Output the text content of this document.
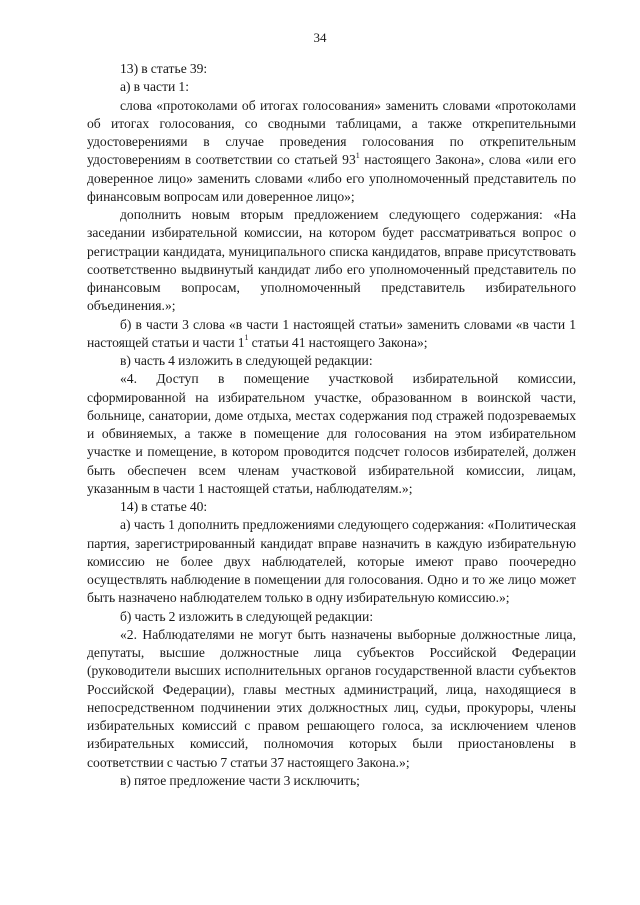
34

13) в статье 39:

а) в части 1:

слова «протоколами об итогах голосования» заменить словами «протоколами об итогах голосования, со сводными таблицами, а также открепительными удостоверениями в случае проведения голосования по открепительным удостоверениям в соответствии со статьей $93^1$ настоящего Закона», слова «или его доверенное лицо» заменить словами «либо его уполномоченный представитель по финансовым вопросам или доверенное лицо»;

дополнить новым вторым предложением следующего содержания: «На заседании избирательной комиссии, на котором будет рассматриваться вопрос о регистрации кандидата, муниципального списка кандидатов, вправе присутствовать соответственно выдвинутый кандидат либо его уполномоченный представитель по финансовым вопросам, уполномоченный представитель избирательного объединения.»;

б) в части 3 слова «в части 1 настоящей статьи» заменить словами «в части 1 настоящей статьи и части $1^1$ статьи 41 настоящего Закона»;

в) часть 4 изложить в следующей редакции:

«4. Доступ в помещение участковой избирательной комиссии, сформированной на избирательном участке, образованном в воинской части, больнице, санатории, доме отдыха, местах содержания под стражей подозреваемых и обвиняемых, а также в помещение для голосования на этом избирательном участке и помещение, в котором проводится подсчет голосов избирателей, должен быть обеспечен всем членам участковой избирательной комиссии, лицам, указанным в части 1 настоящей статьи, наблюдателям.»;

14) в статье 40:

а) часть 1 дополнить предложениями следующего содержания: «Политическая партия, зарегистрированный кандидат вправе назначить в каждую избирательную комиссию не более двух наблюдателей, которые имеют право поочередно осуществлять наблюдение в помещении для голосования. Одно и то же лицо может быть назначено наблюдателем только в одну избирательную комиссию.»;

б) часть 2 изложить в следующей редакции:

«2. Наблюдателями не могут быть назначены выборные должностные лица, депутаты, высшие должностные лица субъектов Российской Федерации (руководители высших исполнительных органов государственной власти субъектов Российской Федерации), главы местных администраций, лица, находящиеся в непосредственном подчинении этих должностных лиц, судьи, прокуроры, члены избирательных комиссий с правом решающего голоса, за исключением членов избирательных комиссий, полномочия которых были приостановлены в соответствии с частью 7 статьи 37 настоящего Закона.»;

в) пятое предложение части 3 исключить;
